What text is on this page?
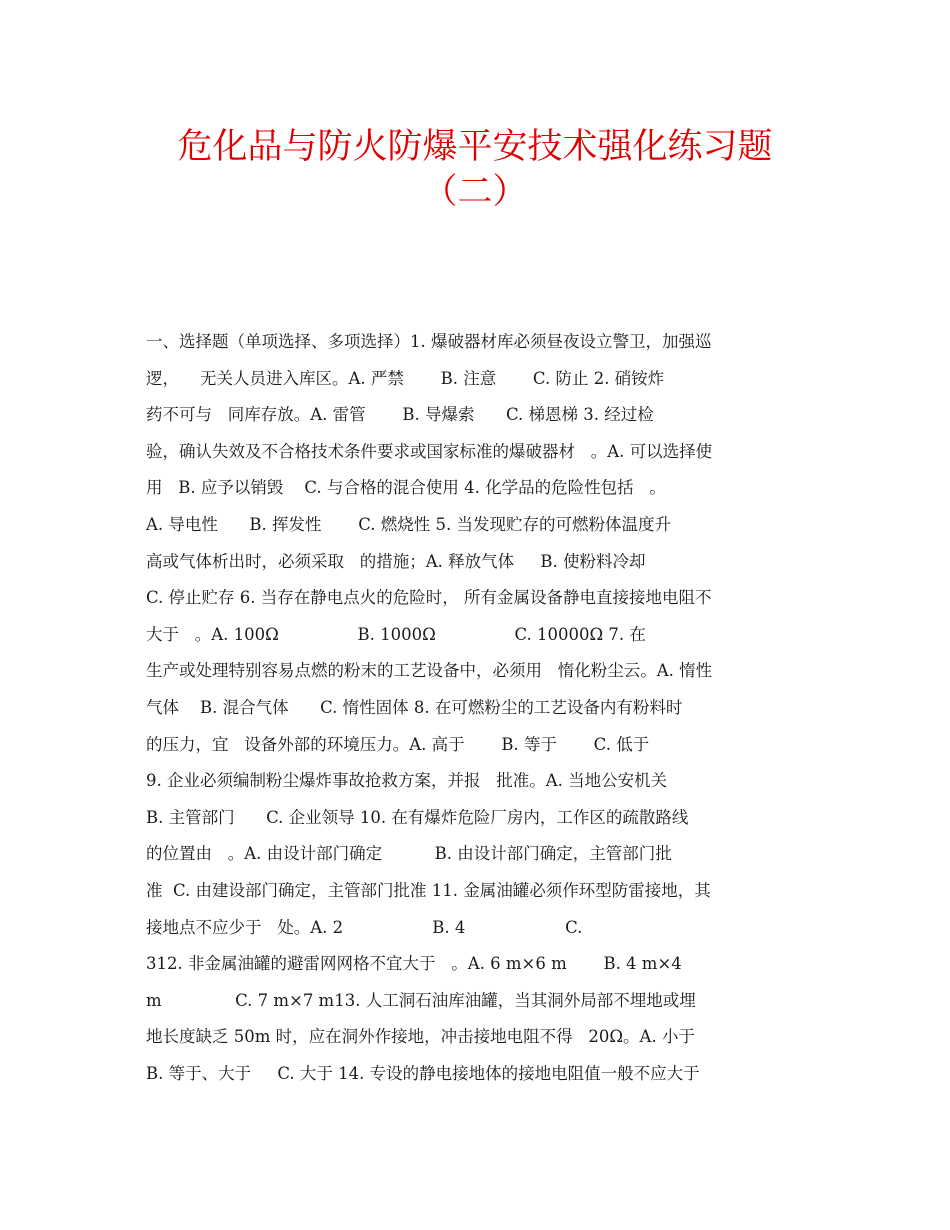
危化品与防火防爆平安技术强化练习题
（二）
一、选择题（单项选择、多项选择）1. 爆破器材库必须昼夜设立警卫，加强巡
逻，    无关人员进入库区。A. 严禁       B. 注意       C. 防止 2. 硝铵炸
药不可与   同库存放。A. 雷管       B. 导爆索      C. 梯恩梯 3. 经过检
验，确认失效及不合格技术条件要求或国家标准的爆破器材   。A. 可以选择使
用   B. 应予以销毁    C. 与合格的混合使用 4. 化学品的危险性包括   。
A. 导电性      B. 挥发性       C. 燃烧性 5. 当发现贮存的可燃粉体温度升
高或气体析出时，必须采取   的措施；A. 释放气体     B. 使粉料冷却
C. 停止贮存 6. 当存在静电点火的危险时， 所有金属设备静电直接接地电阻不
大于   。A. 100Ω               B. 1000Ω               C. 10000Ω 7. 在
生产或处理特别容易点燃的粉末的工艺设备中，必须用   惰化粉尘云。A. 惰性
气体    B. 混合气体      C. 惰性固体 8. 在可燃粉尘的工艺设备内有粉料时
的压力，宜   设备外部的环境压力。A. 高于       B. 等于       C. 低于
9. 企业必须编制粉尘爆炸事故抢救方案，并报   批准。A. 当地公安机关
B. 主管部门      C. 企业领导 10. 在有爆炸危险厂房内，工作区的疏散路线
的位置由   。A. 由设计部门确定          B. 由设计部门确定，主管部门批
准  C. 由建设部门确定，主管部门批准 11. 金属油罐必须作环型防雷接地，其
接地点不应少于   处。A. 2                 B. 4                   C.
312. 非金属油罐的避雷网网格不宜大于   。A. 6 m×6 m       B. 4 m×4
m              C. 7 m×7 m13. 人工洞石油库油罐，当其洞外局部不埋地或埋
地长度缺乏 50m 时，应在洞外作接地，冲击接地电阻不得   20Ω。A. 小于
B. 等于、大于     C. 大于 14. 专设的静电接地体的接地电阻值一般不应大于
